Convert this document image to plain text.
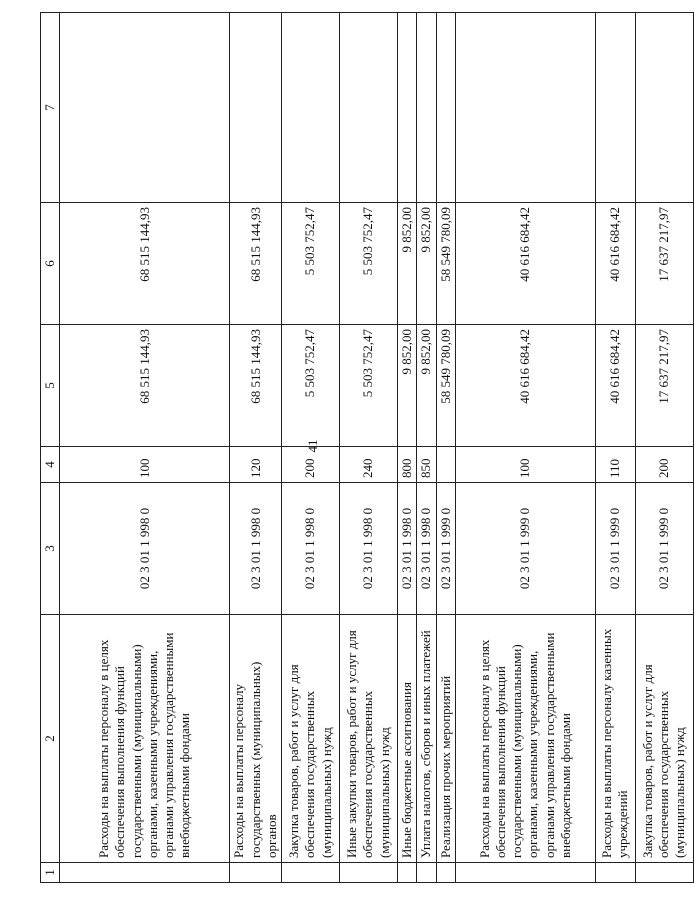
41
1	2	3	4	5	6	7
	Расходы на выплаты персоналу в целях обеспечения выполнения функций государственными (муниципальными) органами, казенными учреждениями, органами управления государственными внебюджетными фондами	02 3 01 1 998 0	100	68 515 144,93	68 515 144,93	
	Расходы на выплаты персоналу государственных (муниципальных) органов	02 3 01 1 998 0	120	68 515 144,93	68 515 144,93	
	Закупка товаров, работ и услуг для обеспечения государственных (муниципальных) нужд	02 3 01 1 998 0	200	5 503 752,47	5 503 752,47	
	Иные закупки товаров, работ и услуг для обеспечения государственных (муниципальных) нужд	02 3 01 1 998 0	240	5 503 752,47	5 503 752,47	
	Иные бюджетные ассигнования	02 3 01 1 998 0	800	9 852,00	9 852,00	
	Уплата налогов, сборов и иных платежей	02 3 01 1 998 0	850	9 852,00	9 852,00	
	Реализация прочих мероприятий	02 3 01 1 999 0		58 549 780,09	58 549 780,09	
	Расходы на выплаты персоналу в целях обеспечения выполнения функций государственными (муниципальными) органами, казенными учреждениями, органами управления государственными внебюджетными фондами	02 3 01 1 999 0	100	40 616 684,42	40 616 684,42	
	Расходы на выплаты персоналу казенных учреждений	02 3 01 1 999 0	110	40 616 684,42	40 616 684,42	
	Закупка товаров, работ и услуг для обеспечения государственных (муниципальных) нужд	02 3 01 1 999 0	200	17 637 217,97	17 637 217,97	
